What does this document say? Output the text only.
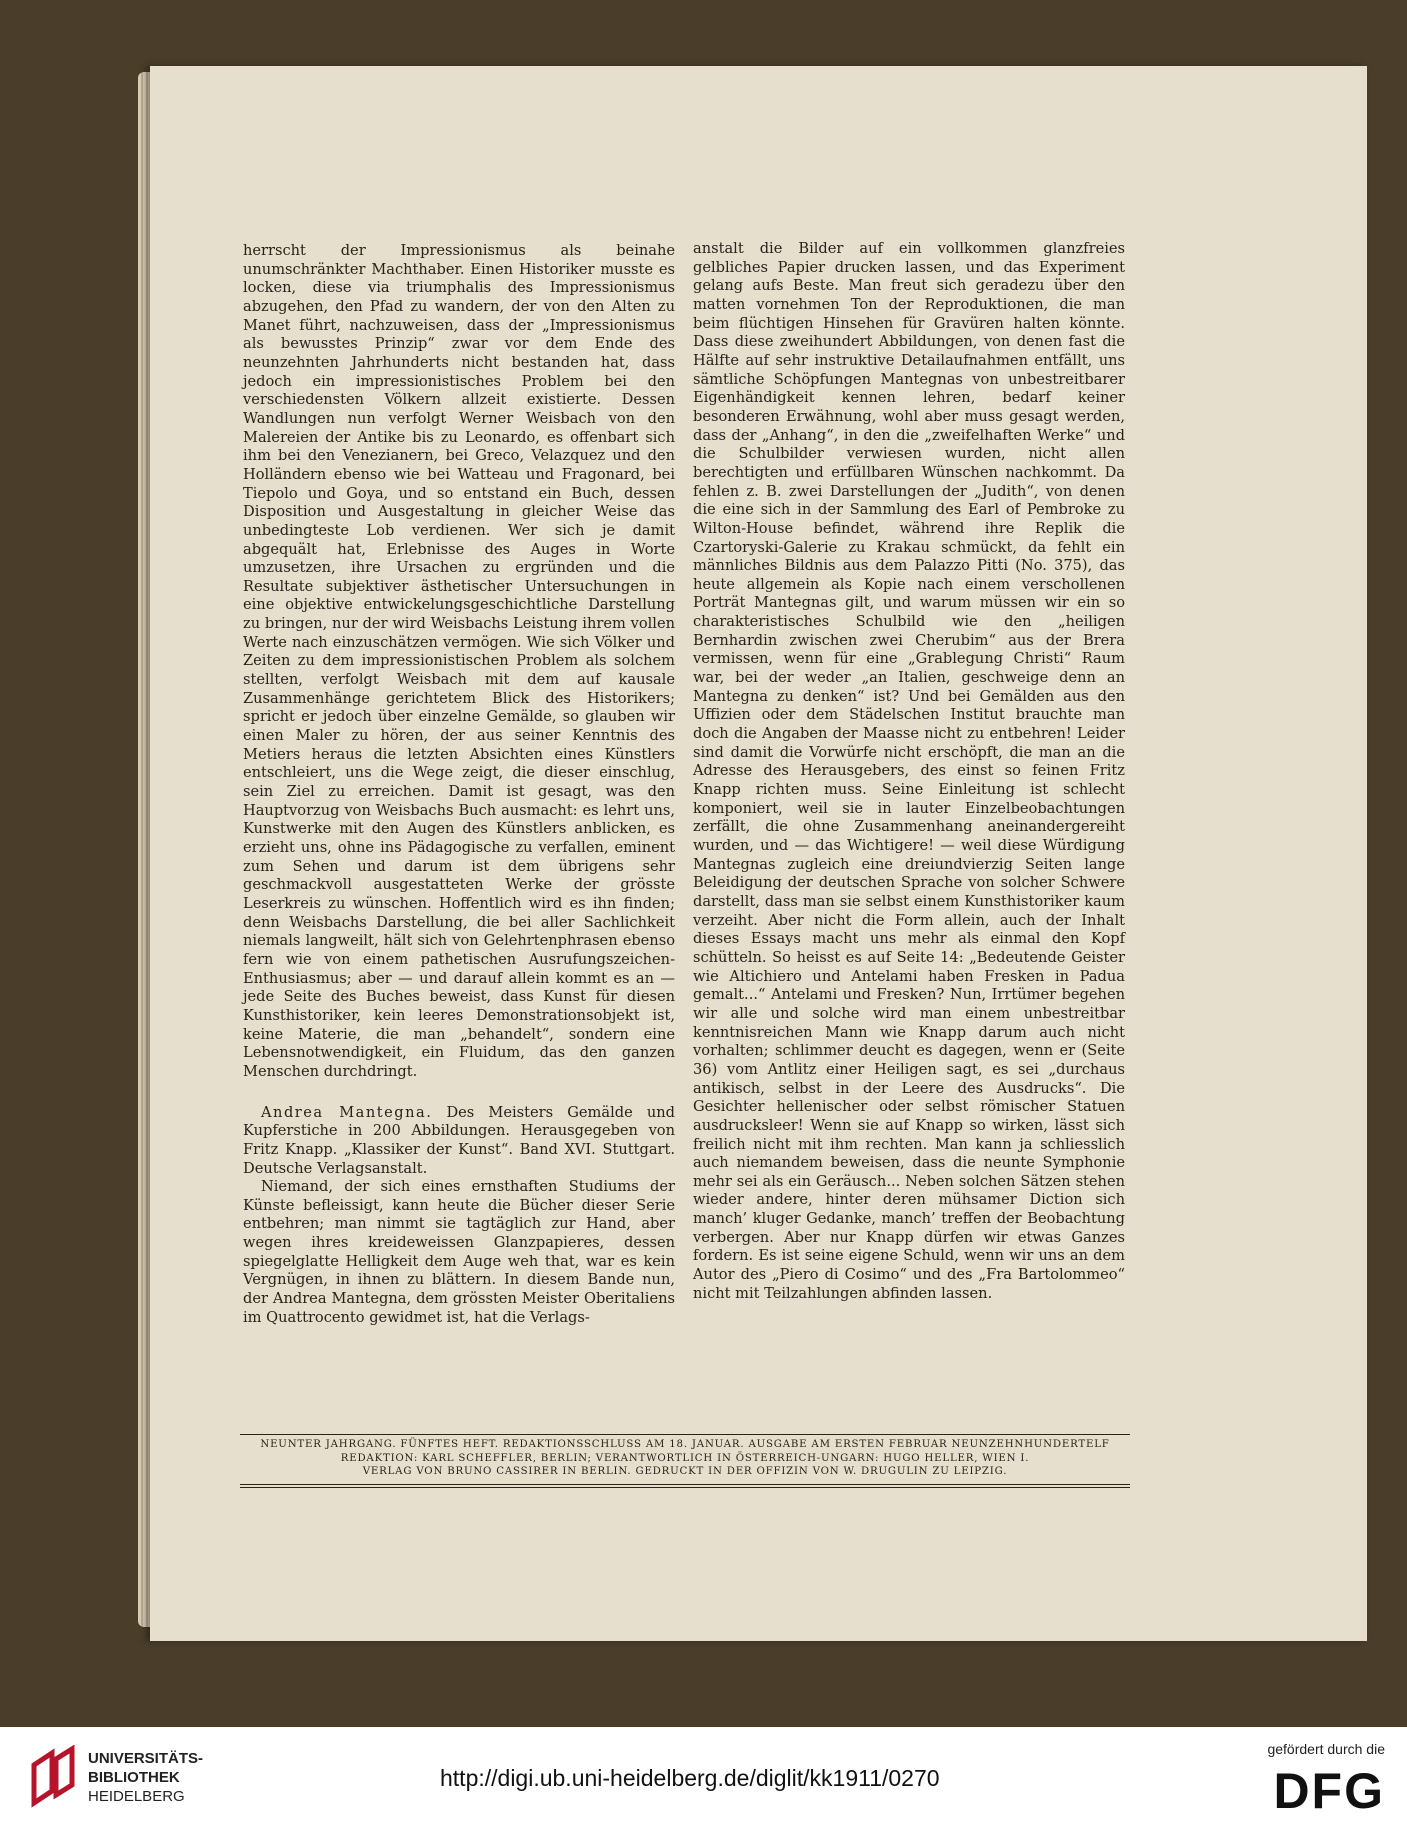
herrscht der Impressionismus als beinahe unumschränkter Machthaber. Einen Historiker musste es locken, diese via triumphalis des Impressionismus abzugehen, den Pfad zu wandern, der von den Alten zu Manet führt, nachzuweisen, dass der „Impressionismus als bewusstes Prinzip“ zwar vor dem Ende des neunzehnten Jahrhunderts nicht bestanden hat, dass jedoch ein impressionistisches Problem bei den verschiedensten Völkern allzeit existierte. Dessen Wandlungen nun verfolgt Werner Weisbach von den Malereien der Antike bis zu Leonardo, es offenbart sich ihm bei den Venezianern, bei Greco, Velazquez und den Holländern ebenso wie bei Watteau und Fragonard, bei Tiepolo und Goya, und so entstand ein Buch, dessen Disposition und Ausgestaltung in gleicher Weise das unbedingteste Lob verdienen. Wer sich je damit abgequält hat, Erlebnisse des Auges in Worte umzusetzen, ihre Ursachen zu ergründen und die Resultate subjektiver ästhetischer Untersuchungen in eine objektive entwickelungsgeschichtliche Darstellung zu bringen, nur der wird Weisbachs Leistung ihrem vollen Werte nach einzuschätzen vermögen. Wie sich Völker und Zeiten zu dem impressionistischen Problem als solchem stellten, verfolgt Weisbach mit dem auf kausale Zusammenhänge gerichtetem Blick des Historikers; spricht er jedoch über einzelne Gemälde, so glauben wir einen Maler zu hören, der aus seiner Kenntnis des Metiers heraus die letzten Absichten eines Künstlers entschleiert, uns die Wege zeigt, die dieser einschlug, sein Ziel zu erreichen. Damit ist gesagt, was den Hauptvorzug von Weisbachs Buch ausmacht: es lehrt uns, Kunstwerke mit den Augen des Künstlers anblicken, es erzieht uns, ohne ins Pädagogische zu verfallen, eminent zum Sehen und darum ist dem übrigens sehr geschmackvoll ausgestatteten Werke der grösste Leserkreis zu wünschen. Hoffentlich wird es ihn finden; denn Weisbachs Darstellung, die bei aller Sachlichkeit niemals langweilt, hält sich von Gelehrtenphrasen ebenso fern wie von einem pathetischen Ausrufungszeichen-Enthusiasmus; aber — und darauf allein kommt es an — jede Seite des Buches beweist, dass Kunst für diesen Kunsthistoriker, kein leeres Demonstrationsobjekt ist, keine Materie, die man „behandelt“, sondern eine Lebensnotwendigkeit, ein Fluidum, das den ganzen Menschen durchdringt.

Andrea Mantegna. Des Meisters Gemälde und Kupferstiche in 200 Abbildungen. Herausgegeben von Fritz Knapp. „Klassiker der Kunst“. Band XVI. Stuttgart. Deutsche Verlagsanstalt.

Niemand, der sich eines ernsthaften Studiums der Künste befleissigt, kann heute die Bücher dieser Serie entbehren; man nimmt sie tagtäglich zur Hand, aber wegen ihres kreideweissen Glanzpapieres, dessen spiegelglatte Helligkeit dem Auge weh that, war es kein Vergnügen, in ihnen zu blättern. In diesem Bande nun, der Andrea Mantegna, dem grössten Meister Oberitaliens im Quattrocento gewidmet ist, hat die Verlags-

anstalt die Bilder auf ein vollkommen glanzfreies gelbliches Papier drucken lassen, und das Experiment gelang aufs Beste. Man freut sich geradezu über den matten vornehmen Ton der Reproduktionen, die man beim flüchtigen Hinsehen für Gravüren halten könnte. Dass diese zweihundert Abbildungen, von denen fast die Hälfte auf sehr instruktive Detailaufnahmen entfällt, uns sämtliche Schöpfungen Mantegnas von unbestreitbarer Eigenhändigkeit kennen lehren, bedarf keiner besonderen Erwähnung, wohl aber muss gesagt werden, dass der „Anhang“, in den die „zweifelhaften Werke“ und die Schulbilder verwiesen wurden, nicht allen berechtigten und erfüllbaren Wünschen nachkommt. Da fehlen z. B. zwei Darstellungen der „Judith“, von denen die eine sich in der Sammlung des Earl of Pembroke zu Wilton-House befindet, während ihre Replik die Czartoryski-Galerie zu Krakau schmückt, da fehlt ein männliches Bildnis aus dem Palazzo Pitti (No. 375), das heute allgemein als Kopie nach einem verschollenen Porträt Mantegnas gilt, und warum müssen wir ein so charakteristisches Schulbild wie den „heiligen Bernhardin zwischen zwei Cherubim“ aus der Brera vermissen, wenn für eine „Grablegung Christi“ Raum war, bei der weder „an Italien, geschweige denn an Mantegna zu denken“ ist? Und bei Gemälden aus den Uffizien oder dem Städelschen Institut brauchte man doch die Angaben der Maasse nicht zu entbehren! Leider sind damit die Vorwürfe nicht erschöpft, die man an die Adresse des Herausgebers, des einst so feinen Fritz Knapp richten muss. Seine Einleitung ist schlecht komponiert, weil sie in lauter Einzelbeobachtungen zerfällt, die ohne Zusammenhang aneinandergereiht wurden, und — das Wichtigere! — weil diese Würdigung Mantegnas zugleich eine dreiundvierzig Seiten lange Beleidigung der deutschen Sprache von solcher Schwere darstellt, dass man sie selbst einem Kunsthistoriker kaum verzeiht. Aber nicht die Form allein, auch der Inhalt dieses Essays macht uns mehr als einmal den Kopf schütteln. So heisst es auf Seite 14: „Bedeutende Geister wie Altichiero und Antelami haben Fresken in Padua gemalt...“ Antelami und Fresken? Nun, Irrtümer begehen wir alle und solche wird man einem unbestreitbar kenntnisreichen Mann wie Knapp darum auch nicht vorhalten; schlimmer deucht es dagegen, wenn er (Seite 36) vom Antlitz einer Heiligen sagt, es sei „durchaus antikisch, selbst in der Leere des Ausdrucks“. Die Gesichter hellenischer oder selbst römischer Statuen ausdrucksleer! Wenn sie auf Knapp so wirken, lässt sich freilich nicht mit ihm rechten. Man kann ja schliesslich auch niemandem beweisen, dass die neunte Symphonie mehr sei als ein Geräusch... Neben solchen Sätzen stehen wieder andere, hinter deren mühsamer Diction sich manch’ kluger Gedanke, manch’ treffen der Beobachtung verbergen. Aber nur Knapp dürfen wir etwas Ganzes fordern. Es ist seine eigene Schuld, wenn wir uns an dem Autor des „Piero di Cosimo“ und des „Fra Bartolommeo“ nicht mit Teilzahlungen abfinden lassen.

NEUNTER JAHRGANG. FÜNFTES HEFT. REDAKTIONSSCHLUSS AM 18. JANUAR. AUSGABE AM ERSTEN FEBRUAR NEUNZEHNHUNDERTELF
REDAKTION: KARL SCHEFFLER, BERLIN; VERANTWORTLICH IN ÖSTERREICH-UNGARN: HUGO HELLER, WIEN I.
VERLAG VON BRUNO CASSIRER IN BERLIN. GEDRUCKT IN DER OFFIZIN VON W. DRUGULIN ZU LEIPZIG.
UNIVERSITÄTS-
BIBLIOTHEK
HEIDELBERG
http://digi.ub.uni-heidelberg.de/diglit/kk1911/0270
gefördert durch die
DFG
